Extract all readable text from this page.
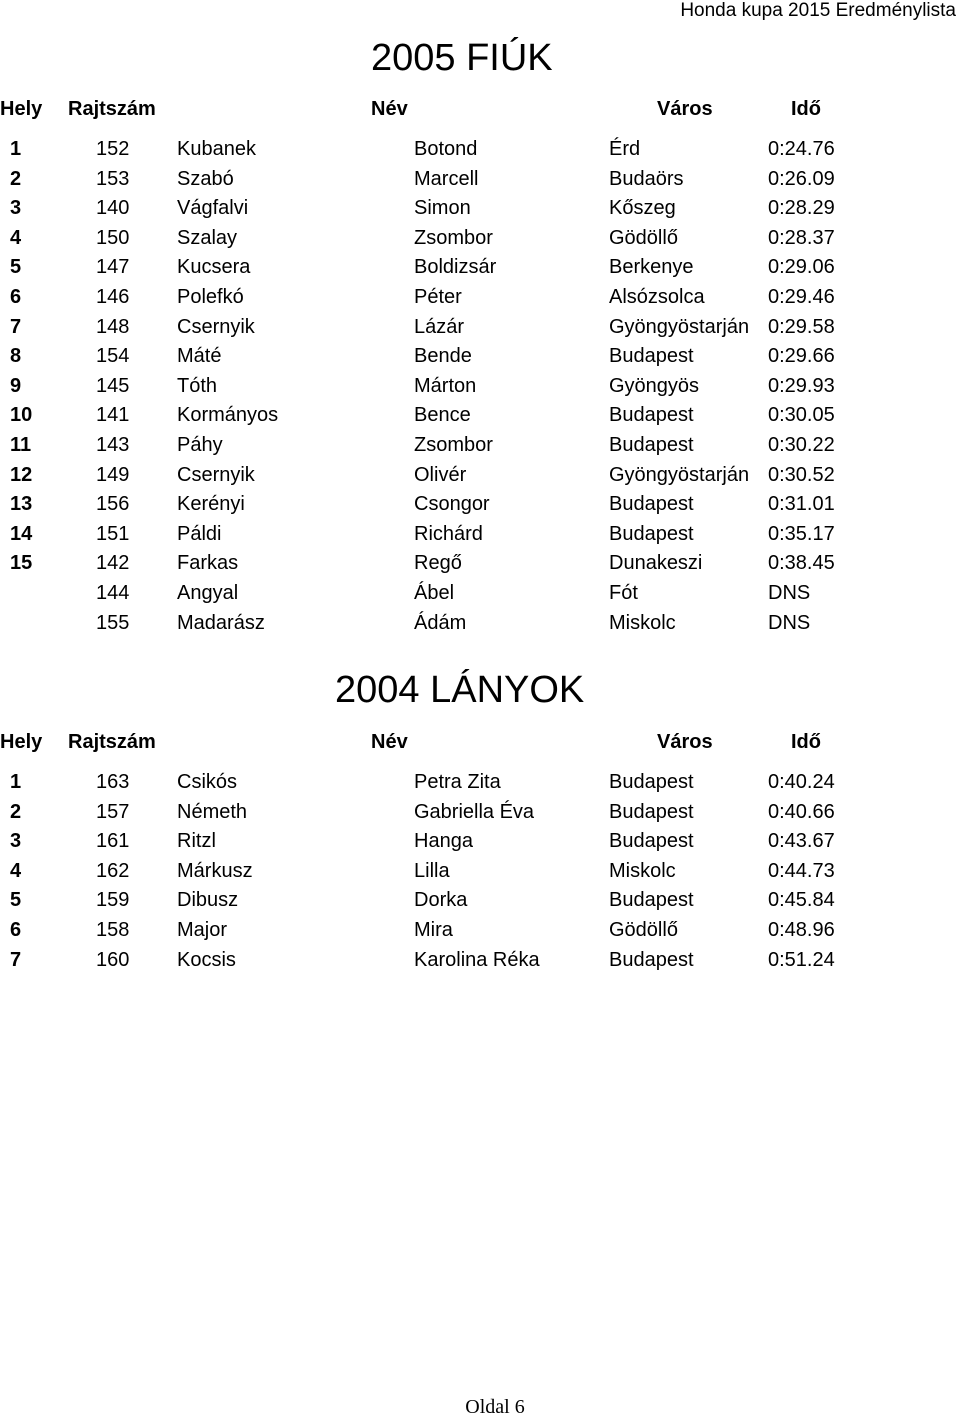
Honda kupa 2015 Eredménylista
2005 FIÚK
Hely Rajtszám	Név	Város	Idő
1	152 Kubanek	Botond	Érd	0:24.76
2	153 Szabó	Marcell	Budaörs	0:26.09
3	140 Vágfalvi	Simon	Kőszeg	0:28.29
4	150 Szalay	Zsombor	Gödöllő	0:28.37
5	147 Kucsera	Boldizsár	Berkenye	0:29.06
6	146 Polefkó	Péter	Alsózsolca	0:29.46
7	148 Csernyik	Lázár	Gyöngyöstarján 0:29.58
8	154 Máté	Bende	Budapest	0:29.66
9	145 Tóth	Márton	Gyöngyös	0:29.93
10	141 Kormányos	Bence	Budapest	0:30.05
11	143 Páhy	Zsombor	Budapest	0:30.22
12	149 Csernyik	Olivér	Gyöngyöstarján 0:30.52
13	156 Kerényi	Csongor	Budapest	0:31.01
14	151 Páldi	Richárd	Budapest	0:35.17
15	142 Farkas	Regő	Dunakeszi	0:38.45
144 Angyal	Ábel	Fót	DNS
155 Madarász	Ádám	Miskolc	DNS
2004 LÁNYOK
Hely Rajtszám	Név	Város	Idő
1	163 Csikós	Petra Zita	Budapest	0:40.24
2	157 Németh	Gabriella Éva	Budapest	0:40.66
3	161 Ritzl	Hanga	Budapest	0:43.67
4	162 Márkusz	Lilla	Miskolc	0:44.73
5	159 Dibusz	Dorka	Budapest	0:45.84
6	158 Major	Mira	Gödöllő	0:48.96
7	160 Kocsis	Karolina Réka	Budapest	0:51.24
Oldal 6
